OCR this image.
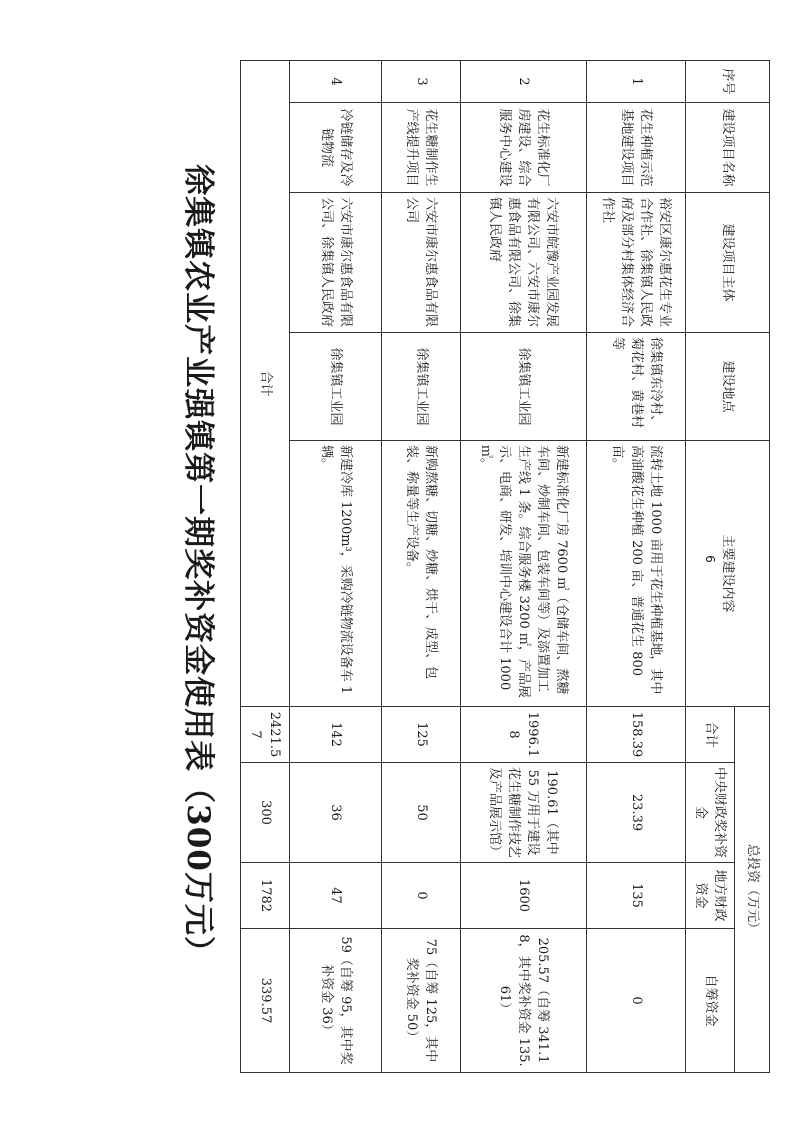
序号	建设项目名称	建设项目主体	建设地点	主要建设内容	总投资（万元）			
					合计	中央财政奖补资金	地方财政资金	自筹资金
1	花生种植示范基地建设项目	裕安区康尔惠花生专业合作社、徐集镇人民政府及部分村集体经济合作社	徐集镇东泠村、菊花村、黄巷村等	流转土地 1000 亩用于花生种植基地，其中高油酸花生种植 200 亩、普通花生 800 亩。	158.39	23.39	135	0
2	花生标准化厂房建设、综合服务中心建设	六安市皖豫产业园发展有限公司、六安市康尔惠食品有限公司、徐集镇人民政府	徐集镇工业园	新建标准化厂房 7600 ㎡（仓储车间、熬糖车间、炒制车间、包装车间等）及添置加工生产线 1 条。综合服务楼 3200 ㎡，产品展示、电商、研发、培训中心建设合计 1000 ㎡。	1996.18	190.61（其中 55 万用于建设花生糖制作技艺及产品展示馆）	1600	205.57（自筹 341.18，其中奖补资金 135.61）
3	花生糖制作生产线提升项目	六安市康尔惠食品有限公司	徐集镇工业园	新购熬糖、切糖、炒糖、烘干、成型、包装、称量等生产设备。	125	50	0	75（自筹 125，其中奖补资金 50）
4	冷链储存及冷链物流	六安市康尔惠食品有限公司、徐集镇人民政府	徐集镇工业园	新建冷库 1200m³，采购冷链物流设备车 1 辆。	142	36	47	59（自筹 95，其中奖补资金 36）
合计					2421.57	300	1782	339.57
徐集镇农业产业强镇第一期奖补资金使用表（300万元）	6
